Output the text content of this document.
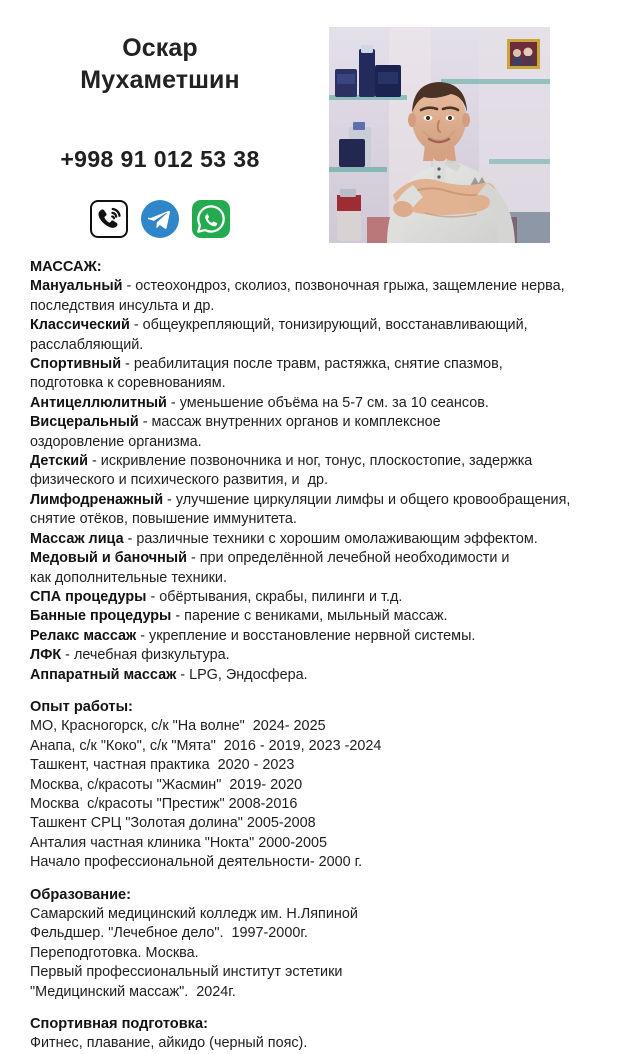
Оскар
Мухаметшин
+998 91 012 53 38
МАССАЖ:
Мануальный - остеохондроз, сколиоз, позвоночная грыжа, защемление нерва,
последствия инсульта и др.
Классический - общеукрепляющий, тонизирующий, восстанавливающий,
расслабляющий.
Спортивный - реабилитация после травм, растяжка, снятие спазмов,
подготовка к соревнованиям.
Антицеллюлитный - уменьшение объёма на 5-7 см. за 10 сеансов.
Висцеральный - массаж внутренних органов и комплексное
оздоровление организма.
Детский - искривление позвоночника и ног, тонус, плоскостопие, задержка
физического и психического развития, и  др.
Лимфодренажный - улучшение циркуляции лимфы и общего кровообращения,
снятие отёков, повышение иммунитета.
Массаж лица - различные техники с хорошим омолаживающим эффектом.
Медовый и баночный - при определённой лечебной необходимости и
как дополнительные техники.
СПА процедуры - обёртывания, скрабы, пилинги и т.д.
Банные процедуры - парение с вениками, мыльный массаж.
Релакс массаж - укрепление и восстановление нервной системы.
ЛФК - лечебная физкультура.
Аппаратный массаж - LPG, Эндосфера.
Опыт работы:
МО, Красногорск, с/к "На волне"  2024- 2025
Анапа, с/к "Коко", с/к "Мята"  2016 - 2019, 2023 -2024
Ташкент, частная практика  2020 - 2023
Москва, с/красоты "Жасмин"  2019- 2020
Москва  с/красоты "Престиж" 2008-2016
Ташкент СРЦ "Золотая долина" 2005-2008
Анталия частная клиника "Нокта" 2000-2005
Начало профессиональной деятельности- 2000 г.
Образование:
Самарский медицинский колледж им. Н.Ляпиной
Фельдшер. "Лечебное дело".  1997-2000г.
Переподготовка. Москва.
Первый профессиональный институт эстетики
"Медицинский массаж".  2024г.
Спортивная подготовка:
Фитнес, плавание, айкидо (черный пояс).
